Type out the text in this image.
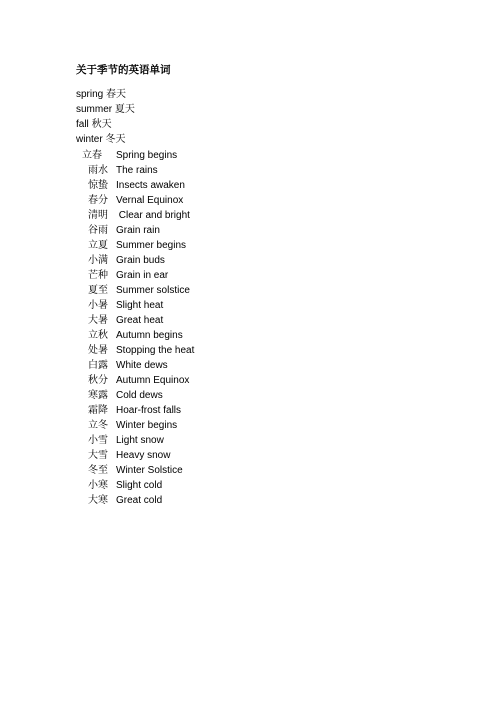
关于季节的英语单词
spring 春天
summer 夏天
fall 秋天
winter 冬天
立春 Spring begins
雨水 The rains
惊蛰 Insects awaken
春分 Vernal Equinox
清明 Clear and bright
谷雨 Grain rain
立夏 Summer begins
小满 Grain buds
芒种 Grain in ear
夏至 Summer solstice
小暑 Slight heat
大暑 Great heat
立秋 Autumn begins
处暑 Stopping the heat
白露 White dews
秋分 Autumn Equinox
寒露 Cold dews
霜降 Hoar-frost falls
立冬 Winter begins
小雪 Light snow
大雪 Heavy snow
冬至 Winter Solstice
小寒 Slight cold
大寒 Great cold
